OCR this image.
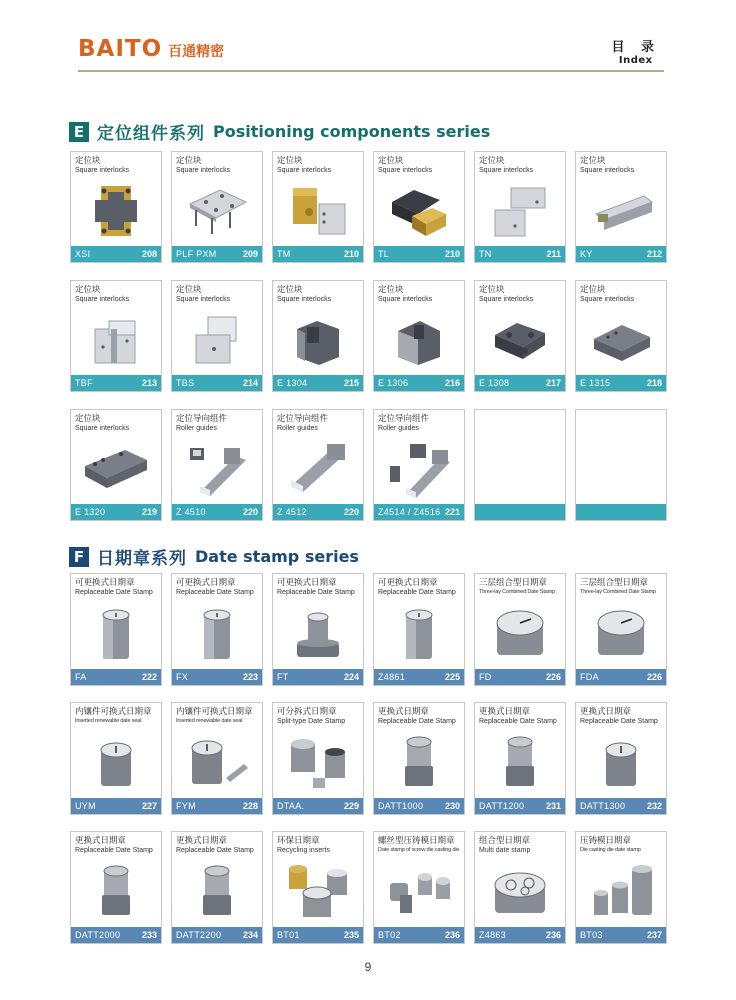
BAITO 百通精密	目 录
Index
E 定位组件系列 Positioning components series
定位块
Square interlocks
XSI	208
定位块
Square interlocks
PLF PXM	209
定位块
Square interlocks
TM	210
定位块
Square interlocks
TL	210
定位块
Square interlocks
TN	211
定位块
Square interlocks
KY	212
定位块
Square interlocks
TBF	213
定位块
Square interlocks
TBS	214
定位块
Square interlocks
E 1304	215
定位块
Square interlocks
E 1306	216
定位块
Square interlocks
E 1308	217
定位块
Square interlocks
E 1315	218
定位块
Square interlocks
E 1320	219
定位导向组件
Roller guides
Z 4510	220
定位导向组件
Roller guides
Z 4512	220
定位导向组件
Roller guides
Z4514 / Z4516 221
F 日期章系列 Date stamp series
可更换式日期章
Replaceable Date Stamp
FA	222
可更换式日期章
Replaceable Date Stamp
FX	223
可更换式日期章
Replaceable Date Stamp
FT	224
可更换式日期章
Replaceable Date Stamp
Z4861	225
三层组合型日期章
Three-lay Combined Date Stamp
FD	226
三层组合型日期章
Three-lay Combined Date Stamp
FDA	226
内镶件可换式日期章
Inserted renewable date seal
UYM	227
内镶件可换式日期章
Inserted renewable date seal
FYM	228
可分拆式日期章
Split-type Date Stamp
DTAA.	229
更换式日期章
Replaceable Date Stamp
DATT1000 230
更换式日期章
Replaceable Date Stamp
DATT1200 231
更换式日期章
Replaceable Date Stamp
DATT1300 232
更换式日期章
Replaceable Date Stamp
DATT2000 233
更换式日期章
Replaceable Date Stamp
DATT2200 234
环保日期章
Recycling inserts
BT01	235
螺丝型压铸模日期章
Date stamp of screw die casting die
BT02	236
组合型日期章
Multi date stamp
Z4863	236
压铸模日期章
Die casting die date stamp
BT03	237
9
